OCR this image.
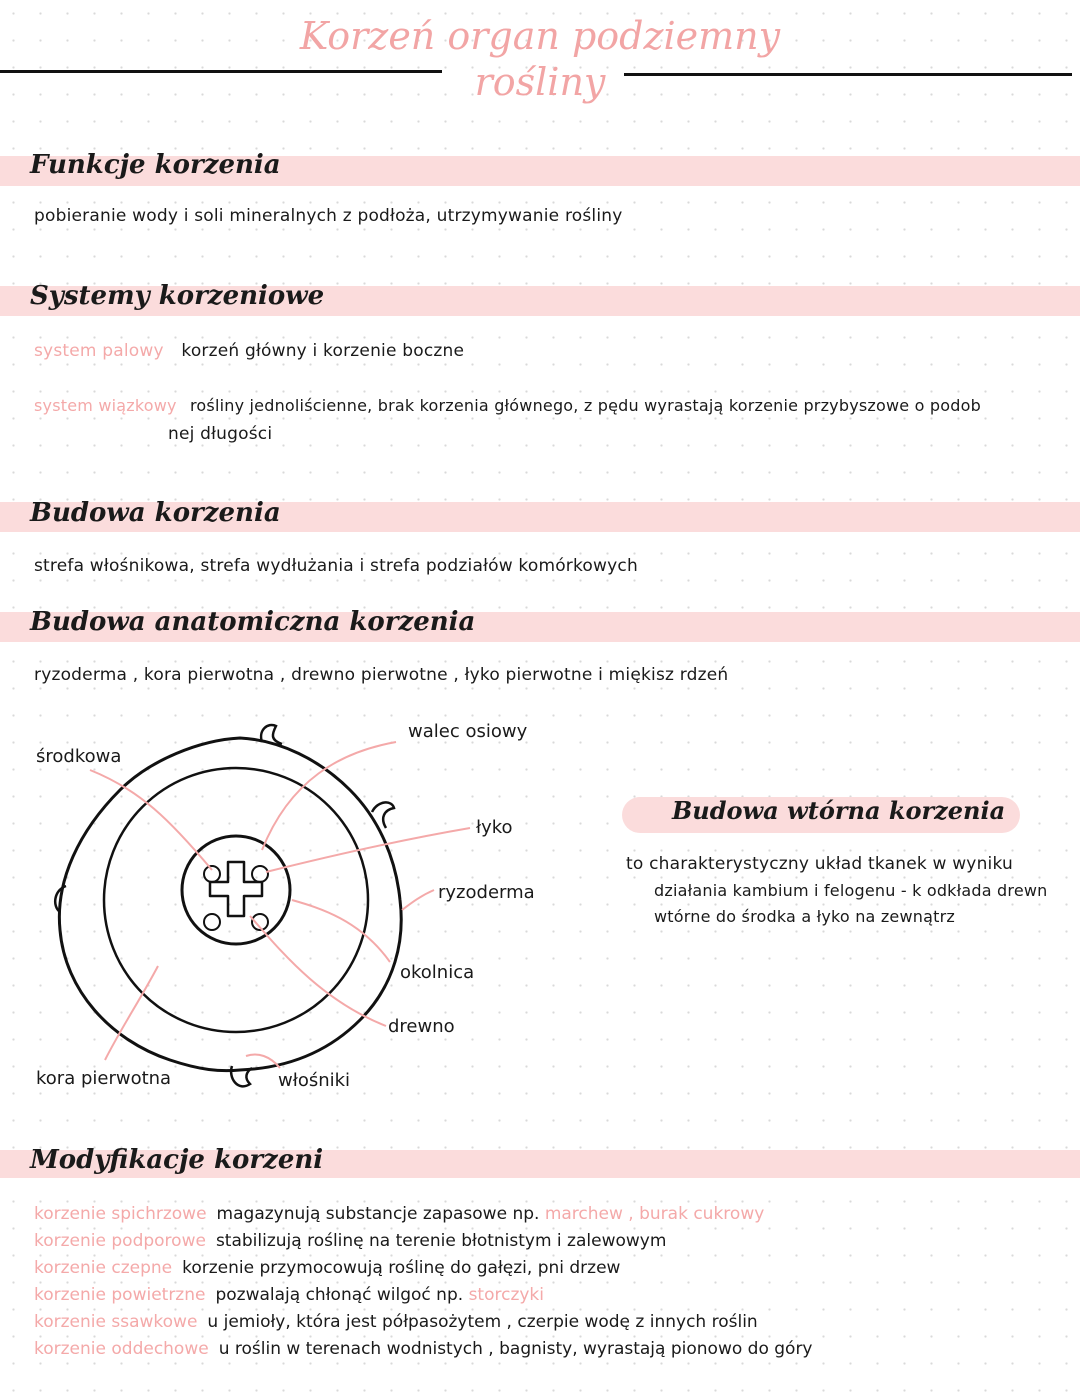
Korzeń organ podziemny
rośliny
Funkcje korzenia
pobieranie wody i soli mineralnych z podłoża, utrzymywanie rośliny
Systemy korzeniowe
system palowy korzeń główny i korzenie boczne
system wiązkowy rośliny jednoliścienne, brak korzenia głównego, z pędu wyrastają korzenie przybyszowe o podob
nej długości
Budowa korzenia
strefa włośnikowa, strefa wydłużania i strefa podziałów komórkowych
Budowa anatomiczna korzenia
ryzoderma , kora pierwotna , drewno pierwotne , łyko pierwotne i miękisz rdzeń
środkowa
walec osiowy
łyko
ryzoderma
okolnica
drewno
kora pierwotna	włośniki
Budowa wtórna korzenia
to charakterystyczny układ tkanek w wyniku
działania kambium i felogenu - k odkłada drewn
wtórne do środka a łyko na zewnątrz
Modyfikacje korzeni
korzenie spichrzowe magazynują substancje zapasowe np. marchew , burak cukrowy
korzenie podporowe stabilizują roślinę na terenie błotnistym i zalewowym
korzenie czepne korzenie przymocowują roślinę do gałęzi, pni drzew
korzenie powietrzne pozwalają chłonąć wilgoć np. storczyki
korzenie ssawkowe u jemioły, która jest półpasożytem , czerpie wodę z innych roślin
korzenie oddechowe u roślin w terenach wodnistych , bagnisty, wyrastają pionowo do góry
